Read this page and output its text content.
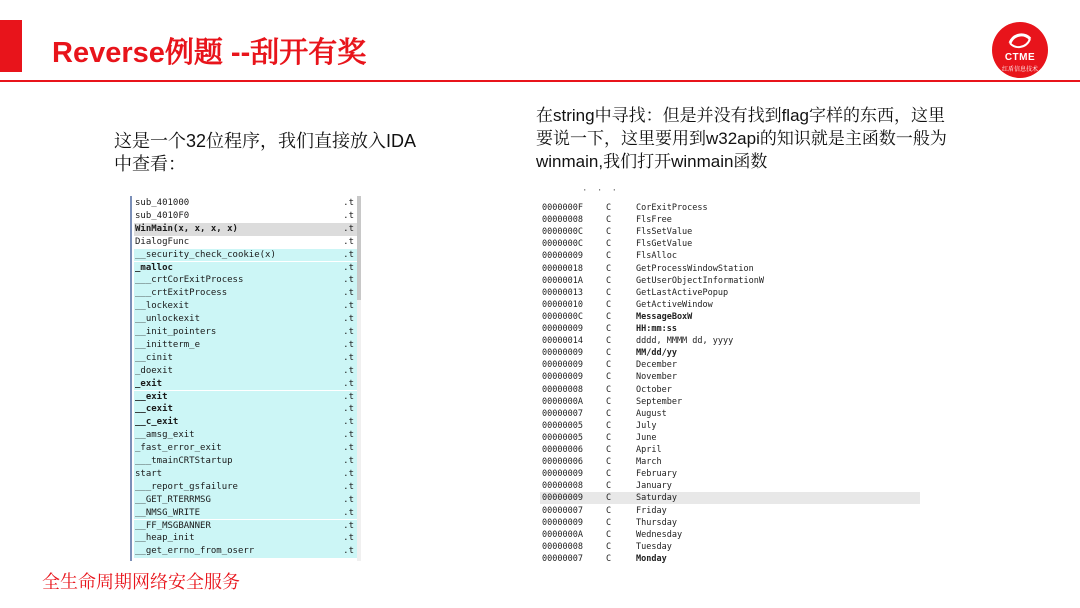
Reverse例题 --刮开有奖	CTME
红盾信息技术
这是一个32位程序，我们直接放入IDA中查看：
在string中寻找：但是并没有找到flag字样的东西，这里要说一下，这里要用到w32api的知识就是主函数一般为winmain,我们打开winmain函数
sub_401000	.t
sub_4010F0	.t
WinMain(x, x, x, x)	.t
DialogFunc	.t
__security_check_cookie(x)	.t
_malloc	.t
___crtCorExitProcess	.t
___crtExitProcess	.t
__lockexit	.t
__unlockexit	.t
__init_pointers	.t
__initterm_e	.t
__cinit	.t
_doexit	.t
_exit	.t
__exit	.t
__cexit	.t
__c_exit	.t
__amsg_exit	.t
_fast_error_exit	.t
___tmainCRTStartup	.t
start	.t
___report_gsfailure	.t
__GET_RTERRMSG	.t
__NMSG_WRITE	.t
__FF_MSGBANNER	.t
__heap_init	.t
__get_errno_from_oserr	.t
· · ·
0000000F	C	CorExitProcess
00000008	C	FlsFree
0000000C	C	FlsSetValue
0000000C	C	FlsGetValue
00000009	C	FlsAlloc
00000018	C	GetProcessWindowStation
0000001A	C	GetUserObjectInformationW
00000013	C	GetLastActivePopup
00000010	C	GetActiveWindow
0000000C	C	MessageBoxW
00000009	C	HH:mm:ss
00000014	C	dddd, MMMM dd, yyyy
00000009	C	MM/dd/yy
00000009	C	December
00000009	C	November
00000008	C	October
0000000A	C	September
00000007	C	August
00000005	C	July
00000005	C	June
00000006	C	April
00000006	C	March
00000009	C	February
00000008	C	January
00000009	C	Saturday
00000007	C	Friday
00000009	C	Thursday
0000000A	C	Wednesday
00000008	C	Tuesday
00000007	C	Monday
全生命周期网络安全服务
